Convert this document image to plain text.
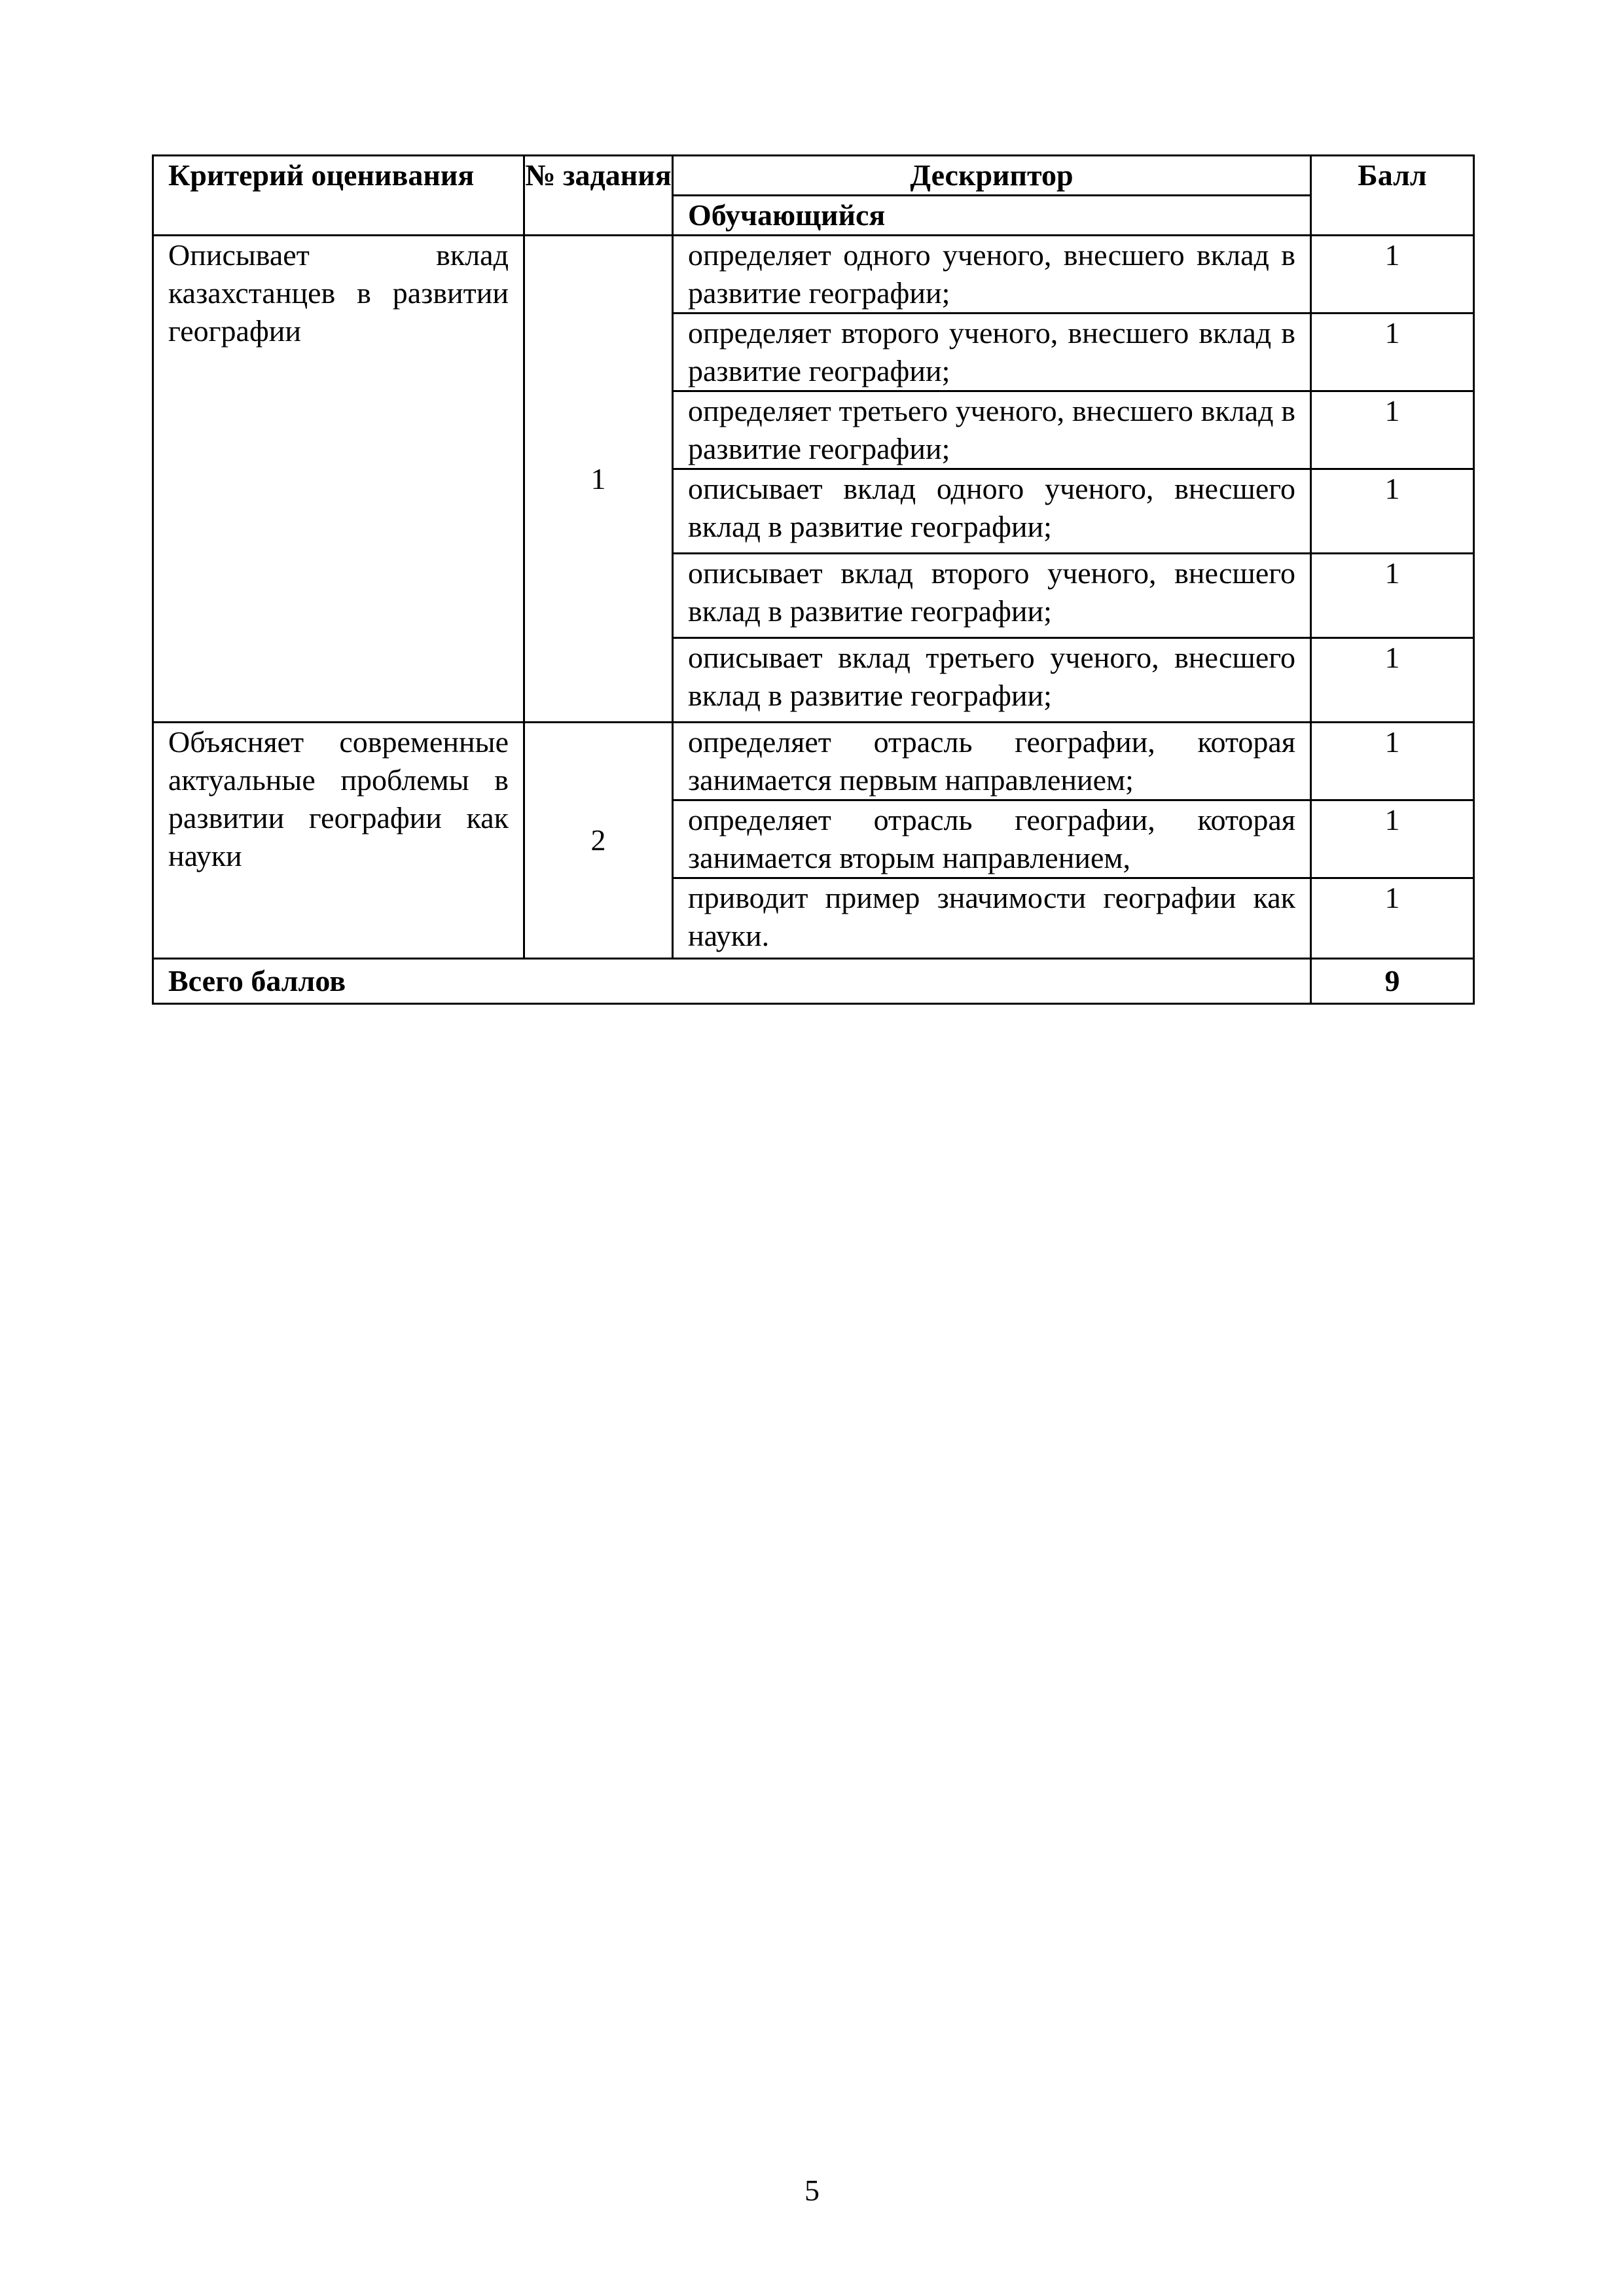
Критерий оценивания	№ задания	Дескриптор	Балл
		Обучающийся	
Описывает вклад казахстанцев в развитии географии	1	определяет одного ученого, внесшего вклад в развитие географии;	1
		определяет второго ученого, внесшего вклад в развитие географии;	1
		определяет третьего ученого, внесшего вклад в развитие географии;	1
		описывает вклад одного ученого, внесшего вклад в развитие географии;	1
		описывает вклад второго ученого, внесшего вклад в развитие географии;	1
		описывает вклад третьего ученого, внесшего вклад в развитие географии;	1
Объясняет современные актуальные проблемы в развитии географии как науки	2	определяет отрасль географии, которая занимается первым направлением;	1
		определяет отрасль географии, которая занимается вторым направлением,	1
		приводит пример значимости географии как науки.	1
Всего баллов			9
5
